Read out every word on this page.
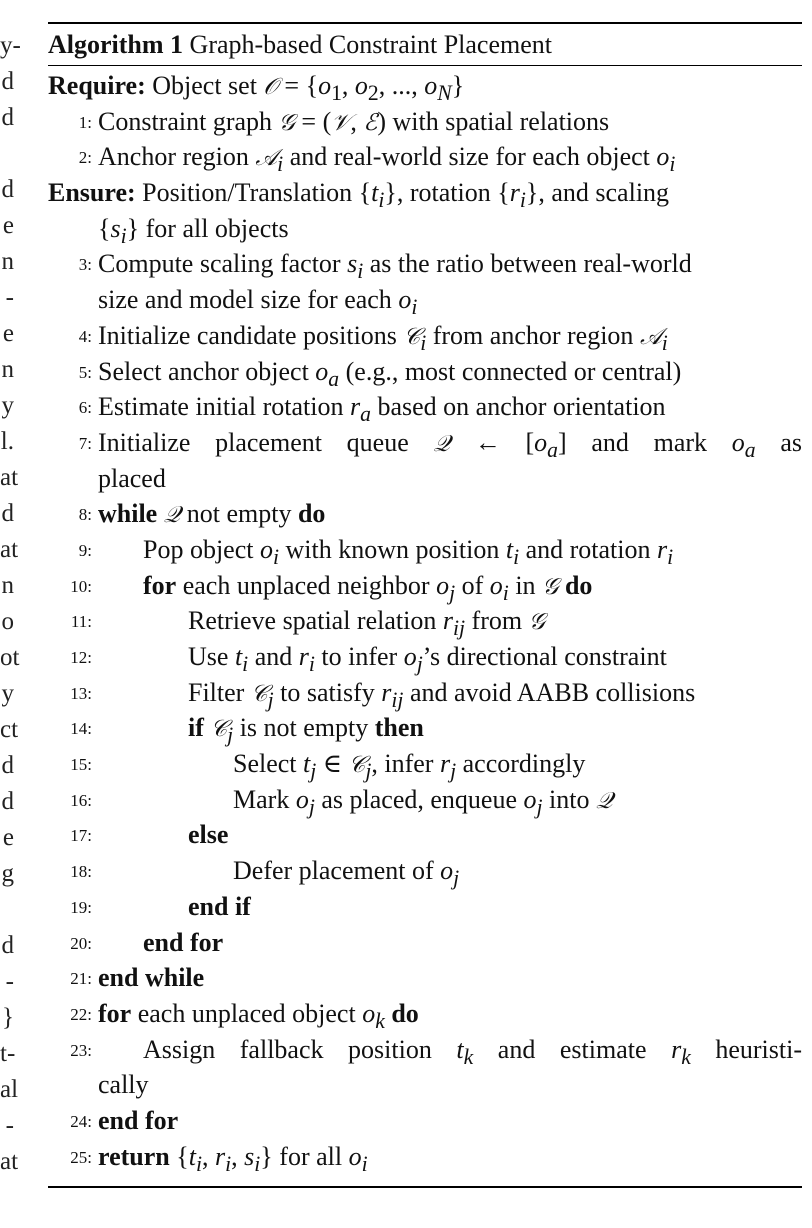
y-
d
d
d
e
n
-
e
n
y
l.
at
d
at
n
o
ot
y
ct
d
d
e
g
d
-
}
t-
al
-
at
Algorithm 1 Graph-based Constraint Placement
Require: Object set 𝒪 = {$o_1$, $o_2$, ..., $o_N$}
1: Constraint graph 𝒢 = (𝒱, ℰ) with spatial relations
2: Anchor region 𝒜$_i$ and real-world size for each object $o_i$
Ensure: Position/Translation $\{t_i\}$, rotation $\{r_i\}$, and scaling
$\{s_i\}$ for all objects
3: Compute scaling factor $s_i$ as the ratio between real-world
size and model size for each $o_i$
4: Initialize candidate positions 𝒞$_i$ from anchor region 𝒜$_i$
5: Select anchor object $o_a$ (e.g., most connected or central)
6: Estimate initial rotation $r_a$ based on anchor orientation
7: Initialize placement queue 𝒬 ← $[o_a]$ and mark $o_a$ as
placed
8: while 𝒬 not empty do
9: Pop object $o_i$ with known position $t_i$ and rotation $r_i$
10: for each unplaced neighbor $o_j$ of $o_i$ in 𝒢 do
11:	Retrieve spatial relation $r_{ij}$ from 𝒢
12:	Use $t_i$ and $r_i$ to infer $o_j’s$ directional constraint
13:	Filter 𝒞$_j$ to satisfy $r_{ij}$ and avoid AABB collisions
14:	if 𝒞$_j$ is not empty then
15:	Select $t_j$ ∈ 𝒞$_j$, infer $r_j$ accordingly
16:	Mark $o_j$ as placed, enqueue $o_j$ into 𝒬
17:	else
18:	Defer placement of $o_j$
19:	end if
20: end for
21: end while
22: for each unplaced object $o_k$ do
23: Assign fallback position $t_k$ and estimate $r_k$ heuristi-
cally
24: end for
25: return {$t_i$, $r_i$, $s_i$} for all $o_i$
